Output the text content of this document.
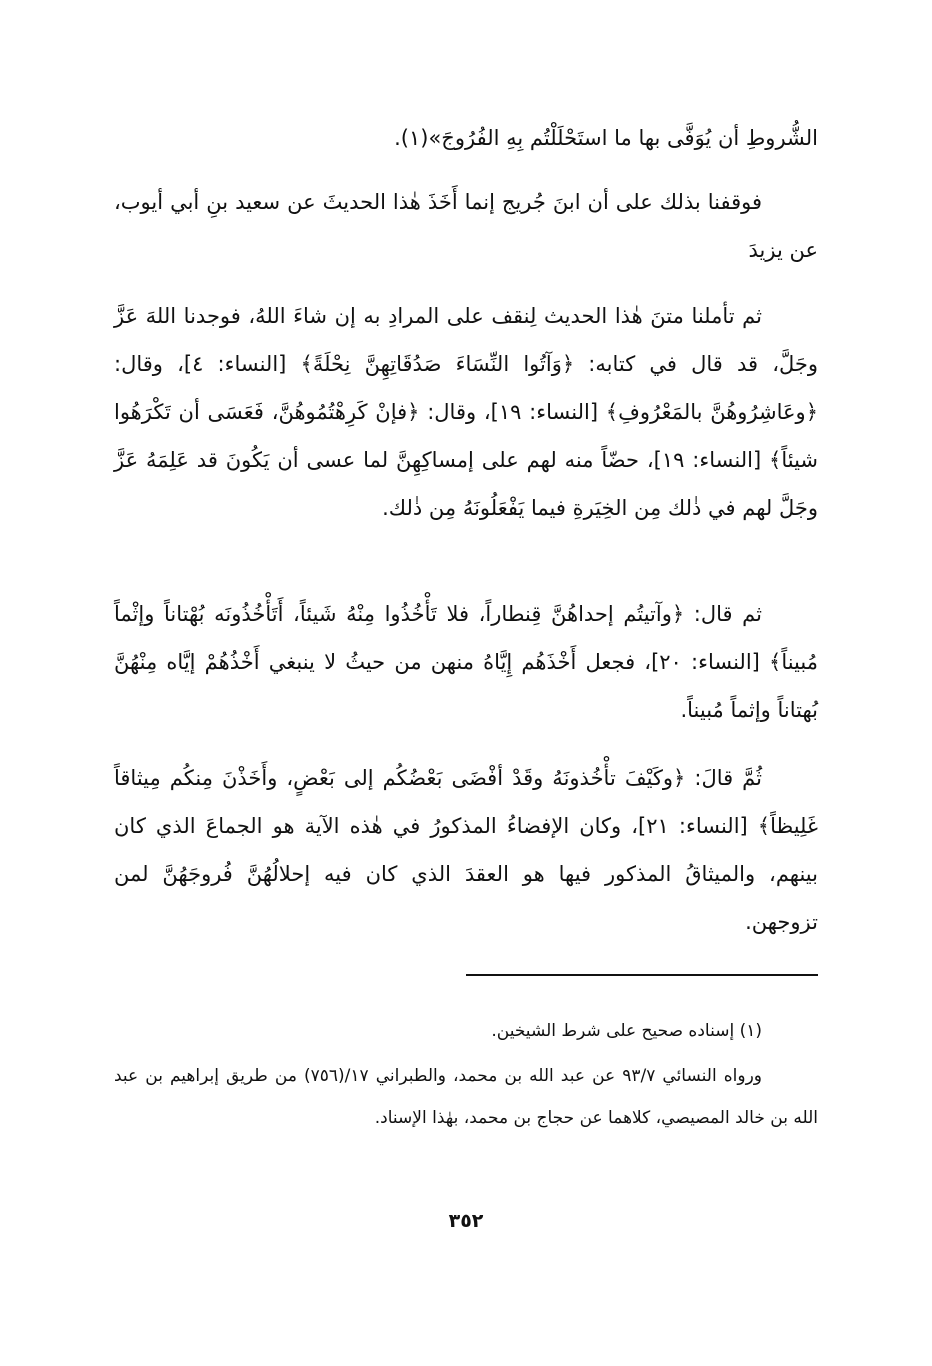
الشُّروطِ أن يُوَفَّى بها ما استَحْلَلْتُم بِهِ الفُرُوجَ»(١).

فوقفنا بذلك على أن ابنَ جُريج إنما أَخَذَ هٰذا الحديثَ عن سعيد بنِ أبي أيوب، عن يزيدَ

ثم تأملنا متنَ هٰذا الحديث لِنقف على المرادِ به إن شاءَ اللهُ، فوجدنا اللهَ عَزَّ وجَلَّ، قد قال في كتابه: ﴿وَآتُوا النِّسَاءَ صَدُقَاتِهِنَّ نِحْلَةً﴾ [النساء: ٤]، وقال: ﴿وعَاشِرُوهُنَّ بالمَعْرُوفِ﴾ [النساء: ١٩]، وقال: ﴿فإنْ كَرِهْتُمُوهُنَّ، فَعَسَى أن تَكْرَهُوا شيئاً﴾ [النساء: ١٩]، حضّاً منه لهم على إمساكِهِنَّ لما عسى أن يَكُونَ قد عَلِمَهُ عَزَّ وجَلَّ لهم في ذٰلك مِن الخِيَرةِ فيما يَفْعَلُونَهُ مِن ذٰلك.

ثم قال: ﴿وآتيتُم إحداهُنَّ قِنطاراً، فلا تَأْخُذُوا مِنْهُ شَيئاً، أَتَأْخُذُونَه بُهْتاناً وإثْماً مُبيناً﴾ [النساء: ٢٠]، فجعل أَخْذَهُم إِيَّاهُ منهن من حيثُ لا ينبغي أَخْذُهُمْ إيَّاه مِنْهُنَّ بُهتاناً وإثماً مُبيناً.

ثُمَّ قالَ: ﴿وكَيْفَ تأْخُذونَهُ وقَدْ أفْضَى بَعْضُكُم إلى بَعْضٍ، وأَخَذْنَ مِنكُم مِيثاقاً غَلِيظاً﴾ [النساء: ٢١]، وكان الإفضاءُ المذكورُ في هٰذه الآية هو الجماعَ الذي كان بينهم، والميثاقُ المذكور فيها هو العقدَ الذي كان فيه إحلالُهُنَّ فُروجَهُنَّ لمن تزوجهن.

(١) إسناده صحيح على شرط الشيخين.

ورواه النسائي ٩٣/٧ عن عبد الله بن محمد، والطبراني ١٧/(٧٥٦) من طريق إبراهيم بن عبد الله بن خالد المصيصي، كلاهما عن حجاج بن محمد، بهٰذا الإسناد.

٣٥٢
